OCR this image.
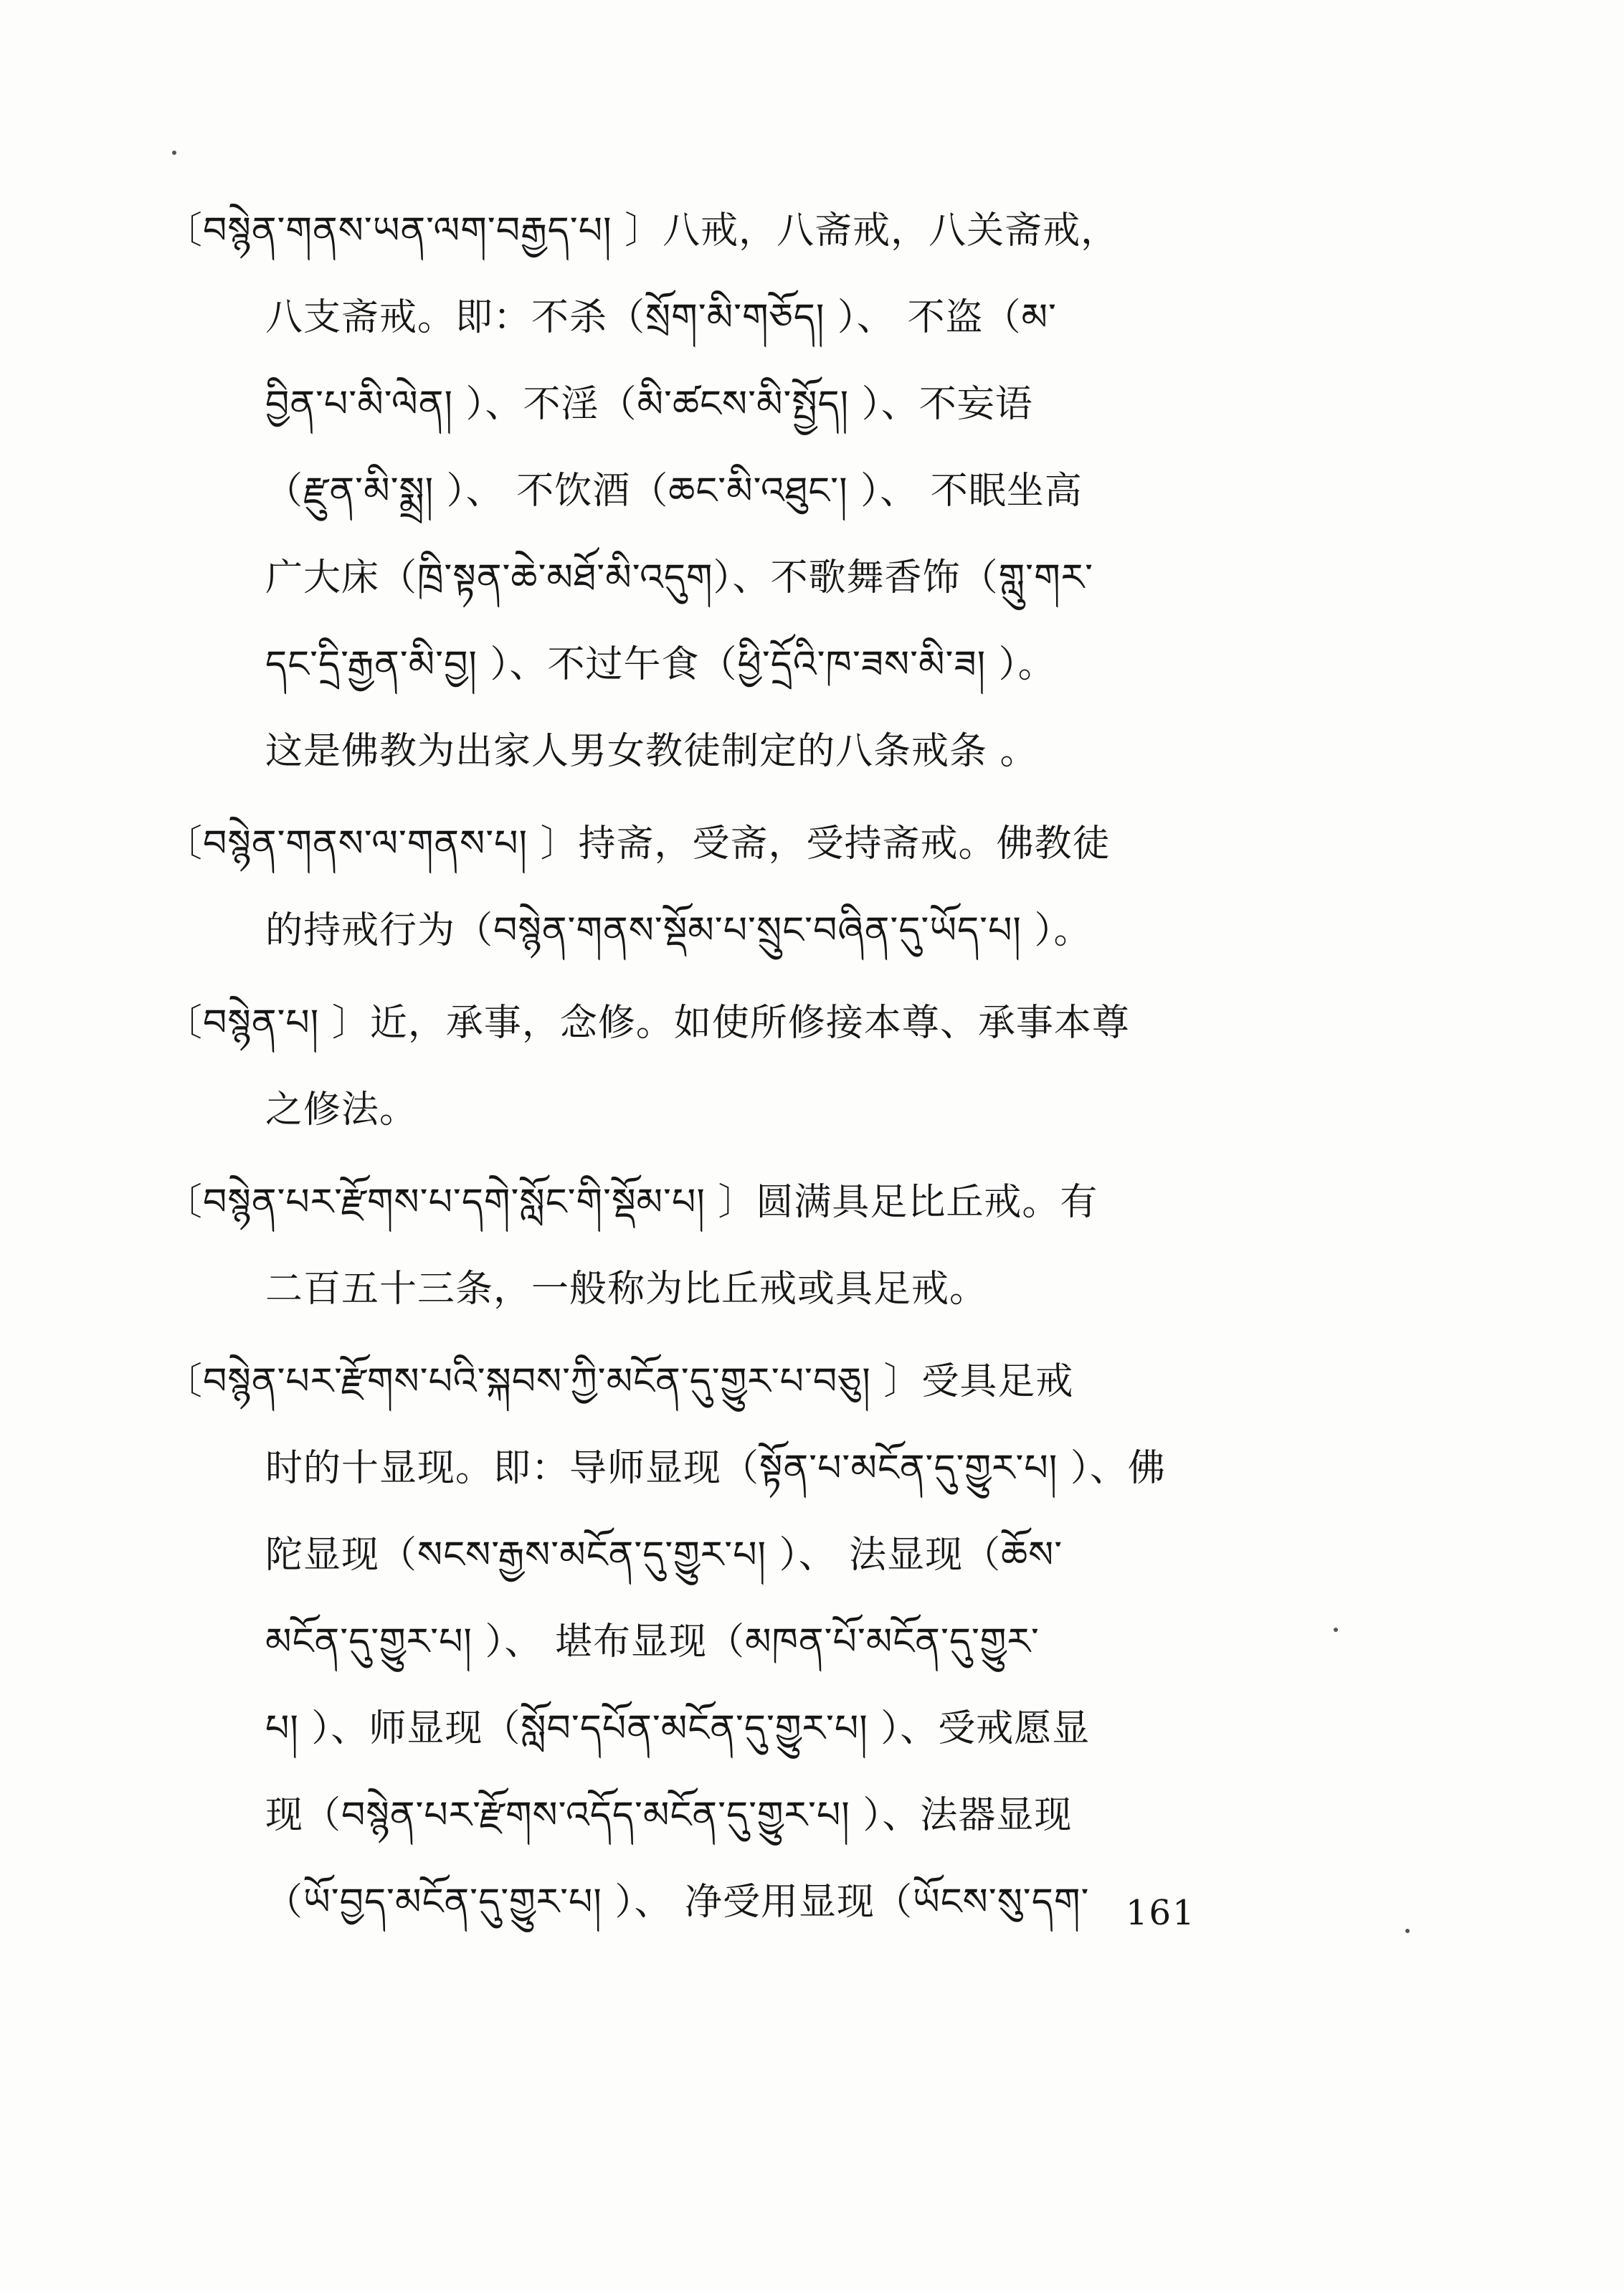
〔བསྙེན་གནས་ཡན་ལག་བརྒྱད་པ། 〕八戒，八斋戒，八关斋戒，

八支斋戒。即：不杀（སྲོག་མི་གཅོད། ）、 不盗（མ་

བྱིན་པ་མི་ལེན། ）、不淫（མི་ཚངས་མི་སྤྱོད། ）、不妄语

（རྫུན་མི་སྨྲ། ）、 不饮酒（ཆང་མི་འཐུང་། ）、 不眠坐高

广大床（ཁྲི་སྟན་ཆེ་མཐོ་མི་འདུག）、不歌舞香饰（གླུ་གར་

དང་དྲི་རྒྱན་མི་བྱ། ）、不过午食（ཕྱི་དྲོའི་ཁ་ཟས་མི་ཟ། ）。

这是佛教为出家人男女教徒制定的八条戒条 。

〔བསྙེན་གནས་ལ་གནས་པ། 〕持斋，受斋，受持斋戒。佛教徒

的持戒行为（བསྙེན་གནས་སྡོམ་པ་སྲུང་བཞིན་དུ་ཡོད་པ། ）。

〔བསྙེན་པ། 〕近，承事，念修。如使所修接本尊、承事本尊

之修法。

〔བསྙེན་པར་རྫོགས་པ་དགེ་སློང་གི་སྡོམ་པ། 〕圆满具足比丘戒。有

二百五十三条，一般称为比丘戒或具足戒。

〔བསྙེན་པར་རྫོགས་པའི་སྐབས་ཀྱི་མངོན་དུ་གྱུར་པ་བཅུ། 〕受具足戒

时的十显现。即：导师显现（སྟོན་པ་མངོན་དུ་གྱུར་པ། ）、佛

陀显现（སངས་རྒྱས་མངོན་དུ་གྱུར་པ། ）、 法显现（ཆོས་

མངོན་དུ་གྱུར་པ། ）、 堪布显现（མཁན་པོ་མངོན་དུ་གྱུར་

པ། ）、师显现（སློབ་དཔོན་མངོན་དུ་གྱུར་པ། ）、受戒愿显

现（བསྙེན་པར་རྫོགས་འདོད་མངོན་དུ་གྱུར་པ། ）、法器显现

（ཡོ་བྱད་མངོན་དུ་གྱུར་པ། ）、 净受用显现（ཡོངས་སུ་དག་	161
